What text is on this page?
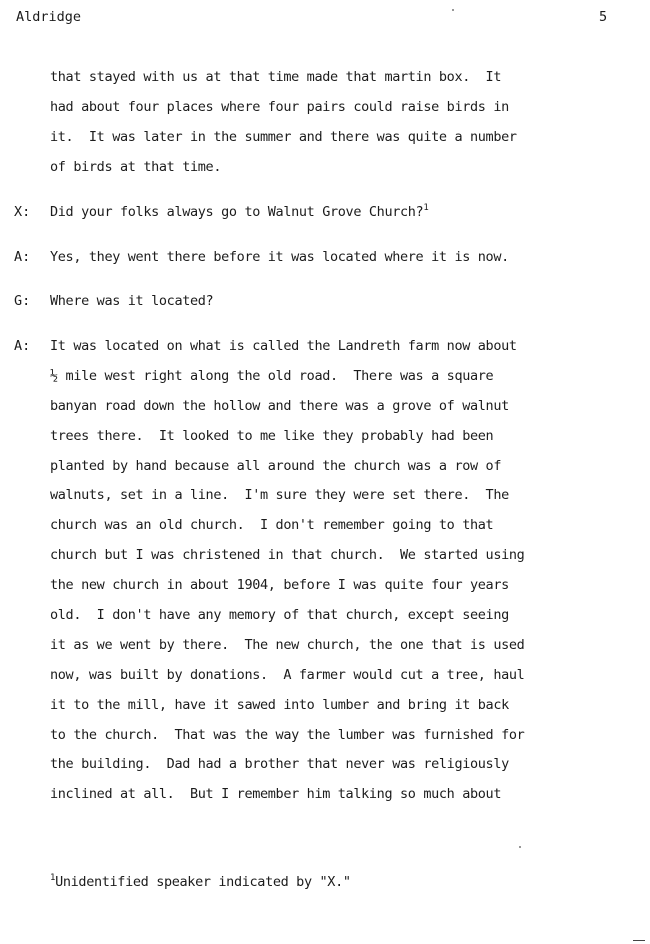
Aldridge	5
that stayed with us at that time made that martin box.  It
had about four places where four pairs could raise birds in
it.  It was later in the summer and there was quite a number
of birds at that time.
X: Did your folks always go to Walnut Grove Church?$^1$
A: Yes, they went there before it was located where it is now.
G: Where was it located?
A: It was located on what is called the Landreth farm now about
½ mile west right along the old road.  There was a square
banyan road down the hollow and there was a grove of walnut
trees there.  It looked to me like they probably had been
planted by hand because all around the church was a row of
walnuts, set in a line.  I'm sure they were set there.  The
church was an old church.  I don't remember going to that
church but I was christened in that church.  We started using
the new church in about 1904, before I was quite four years
old.  I don't have any memory of that church, except seeing
it as we went by there.  The new church, the one that is used
now, was built by donations.  A farmer would cut a tree, haul
it to the mill, have it sawed into lumber and bring it back
to the church.  That was the way the lumber was furnished for
the building.  Dad had a brother that never was religiously
inclined at all.  But I remember him talking so much about
$^1$Unidentified speaker indicated by "X."
